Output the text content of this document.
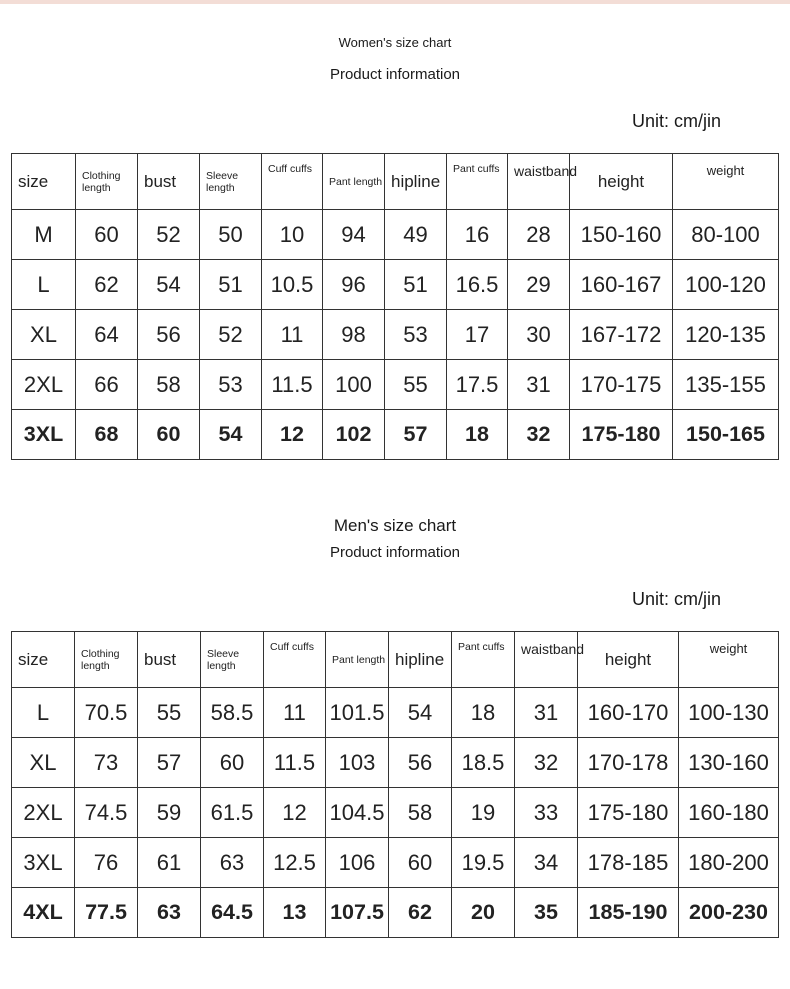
Women's size chart
Product information
Unit: cm/jin
size	Clothing length	bust	Sleeve length	Cuff cuffs	Pant length	hipline	Pant cuffs	waistband	height	weight
M	60	52	50	10	94	49	16	28	150-160	80-100
L	62	54	51	10.5	96	51	16.5	29	160-167	100-120
XL	64	56	52	11	98	53	17	30	167-172	120-135
2XL	66	58	53	11.5	100	55	17.5	31	170-175	135-155
3XL	68	60	54	12	102	57	18	32	175-180	150-165
Men's size chart
Product information
Unit: cm/jin
size	Clothing length	bust	Sleeve length	Cuff cuffs	Pant length	hipline	Pant cuffs	waistband	height	weight
L	70.5	55	58.5	11	101.5	54	18	31	160-170	100-130
XL	73	57	60	11.5	103	56	18.5	32	170-178	130-160
2XL	74.5	59	61.5	12	104.5	58	19	33	175-180	160-180
3XL	76	61	63	12.5	106	60	19.5	34	178-185	180-200
4XL	77.5	63	64.5	13	107.5	62	20	35	185-190	200-230
